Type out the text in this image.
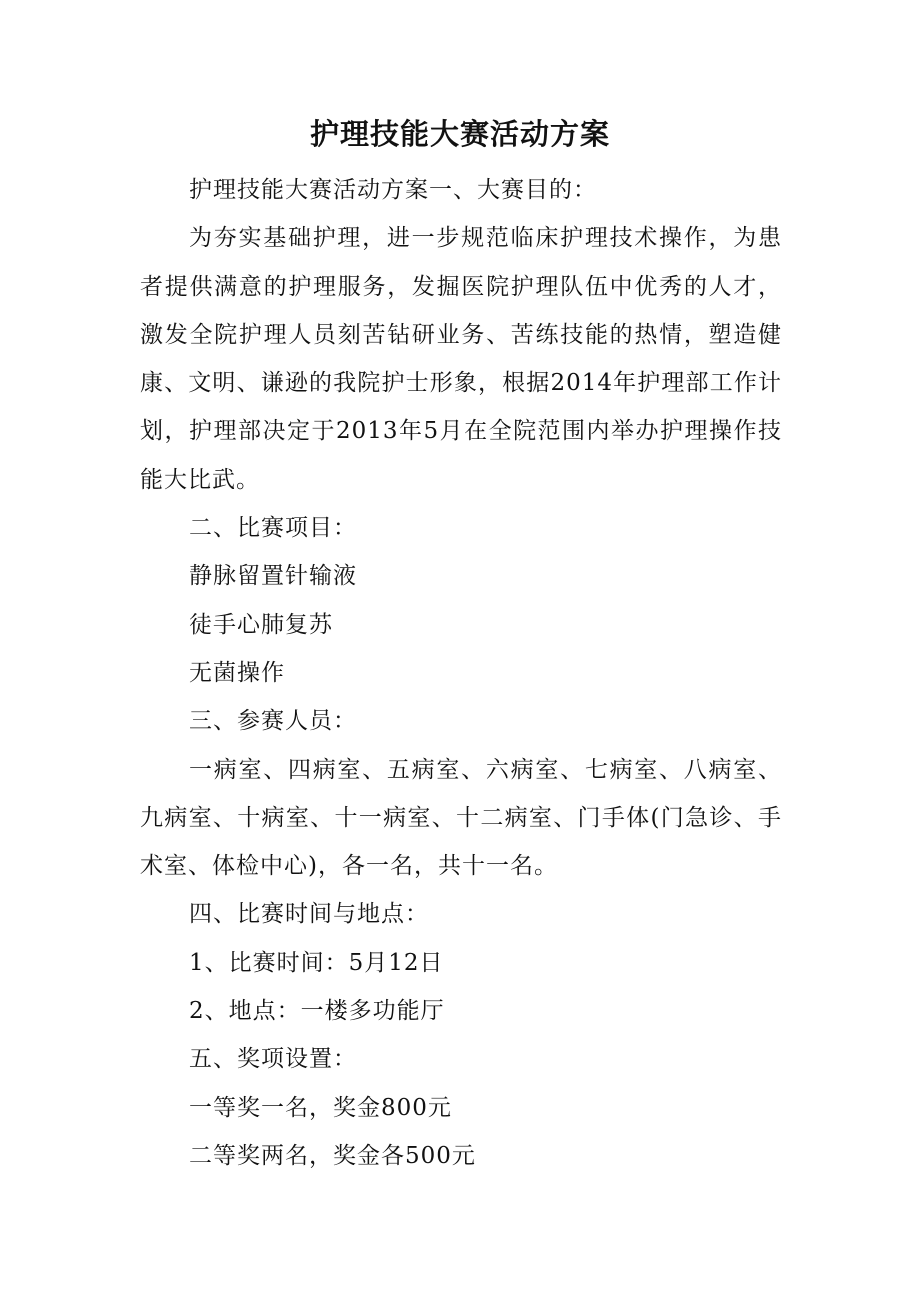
护理技能大赛活动方案

护理技能大赛活动方案一、大赛目的：

为夯实基础护理，进一步规范临床护理技术操作，为患者提供满意的护理服务，发掘医院护理队伍中优秀的人才，激发全院护理人员刻苦钻研业务、苦练技能的热情，塑造健康、文明、谦逊的我院护士形象，根据2014年护理部工作计划，护理部决定于2013年5月在全院范围内举办护理操作技能大比武。

二、比赛项目：

静脉留置针输液

徒手心肺复苏

无菌操作

三、参赛人员：

一病室、四病室、五病室、六病室、七病室、八病室、九病室、十病室、十一病室、十二病室、门手体(门急诊、手术室、体检中心)，各一名，共十一名。

四、比赛时间与地点：

1、比赛时间：5月12日

2、地点：一楼多功能厅

五、奖项设置：

一等奖一名，奖金800元

二等奖两名，奖金各500元
